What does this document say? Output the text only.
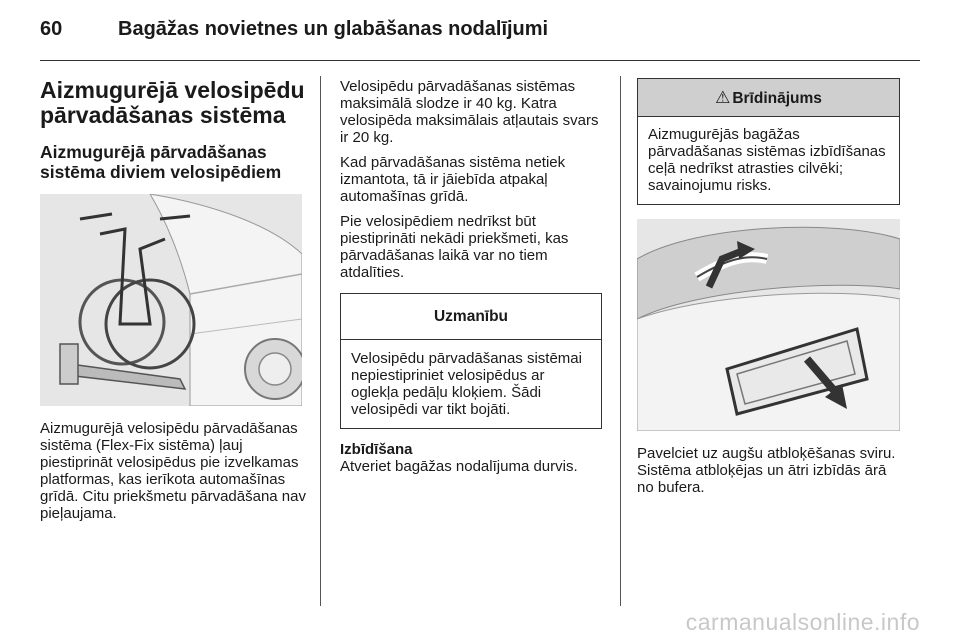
60	Bagāžas novietnes un glabāšanas nodalījumi
Aizmugurējā velosipēdu pārvadāšanas sistēma
Aizmugurējā pārvadāšanas sistēma diviem velosipēdiem

Aizmugurējā velosipēdu pārvadāšanas sistēma (Flex-Fix sistēma) ļauj piestiprināt velosipēdus pie izvelkamas platformas, kas ierīkota automašīnas grīdā. Citu priekšmetu pārvadāšana nav pieļaujama.

Velosipēdu pārvadāšanas sistēmas maksimālā slodze ir 40 kg. Katra velosipēda maksimālais atļautais svars ir 20 kg.

Kad pārvadāšanas sistēma netiek izmantota, tā ir jāiebīda atpakaļ automašīnas grīdā.

Pie velosipēdiem nedrīkst būt piestiprināti nekādi priekšmeti, kas pārvadāšanas laikā var no tiem atdalīties.

Uzmanību
Velosipēdu pārvadāšanas sistēmai nepiestipriniet velosipēdus ar oglekļa pedāļu kloķiem. Šādi velosipēdi var tikt bojāti.
Izbīdīšana

Atveriet bagāžas nodalījuma durvis.

⚠ Brīdinājums
Aizmugurējās bagāžas pārvadāšanas sistēmas izbīdīšanas ceļā nedrīkst atrasties cilvēki; savainojumu risks.

Pavelciet uz augšu atbloķēšanas sviru. Sistēma atbloķējas un ātri izbīdās ārā no bufera.

carmanualsonline.info
